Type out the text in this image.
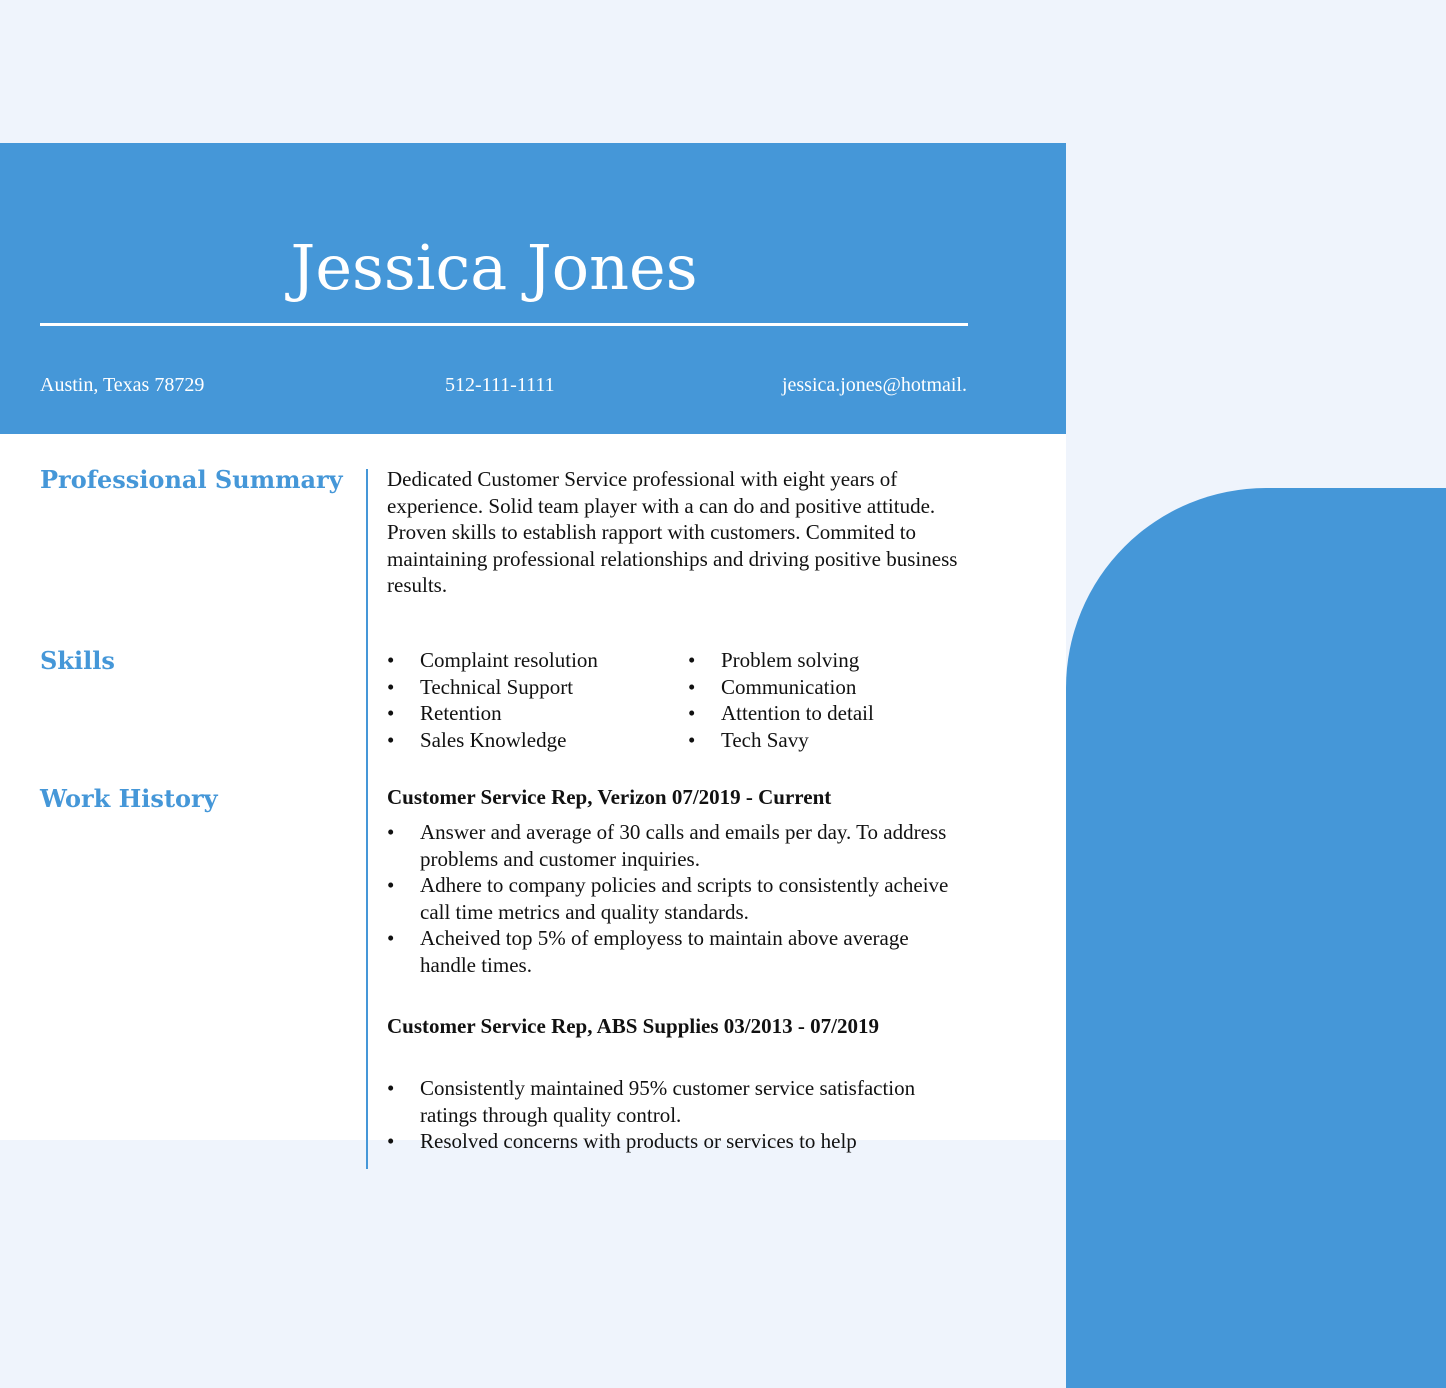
Jessica Jones
Austin, Texas 78729	512-111-1111	jessica.jones@hotmail.
Professional Summary Dedicated Customer Service professional with eight years of experience. Solid team player with a can do and positive attitude. Proven skills to establish rapport with customers. Commited to maintaining professional relationships and driving positive business results.
Skills
•	Complaint resolution
• Technical Support
• Retention
• Sales Knowledge
• Problem solving
• Communication
• Attention to detail
• Tech Savy
Work History	Customer Service Rep, Verizon 07/2019 - Current
• Answer and average of 30 calls and emails per day. To address problems and customer inquiries.
• Adhere to company policies and scripts to consistently acheive call time metrics and quality standards.
• Acheived top 5% of employess to maintain above average handle times.
Customer Service Rep, ABS Supplies 03/2013 - 07/2019
• Consistently maintained 95% customer service satisfaction ratings through quality control.
• Resolved concerns with products or services to help
